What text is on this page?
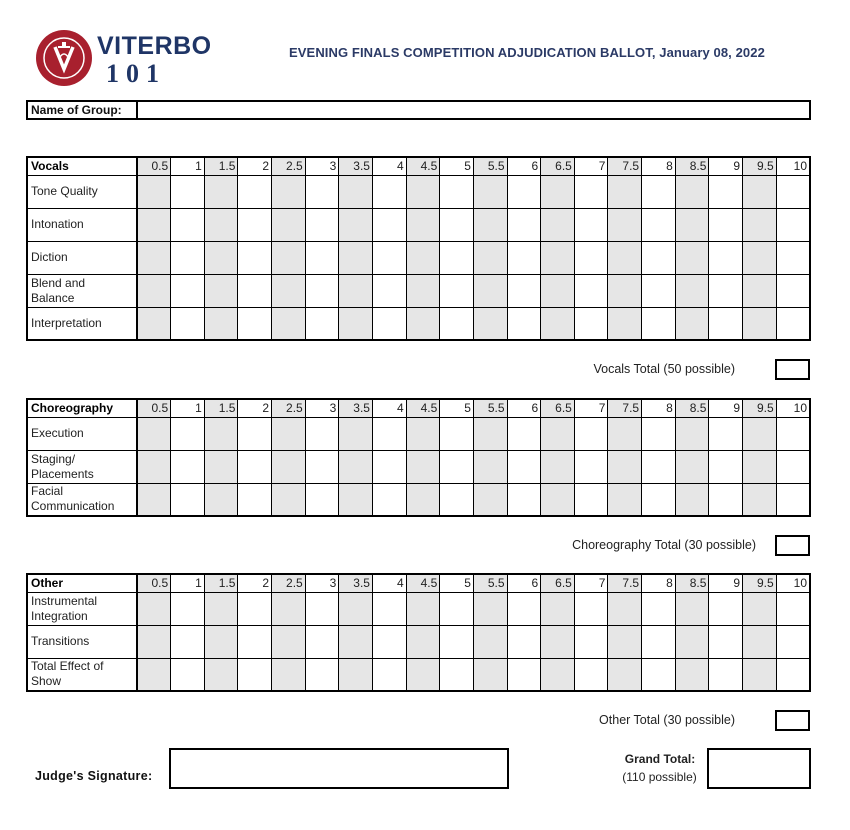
VITERBO
101
EVENING FINALS COMPETITION ADJUDICATION BALLOT, January 08, 2022
Name of Group:
Vocals	0.5	1	1.5	2	2.5	3	3.5	4	4.5	5	5.5	6	6.5	7	7.5	8	8.5	9	9.5	10

Tone Quality																				

Intonation																				

Diction																				

Blend and
Balance																				

Interpretation																				

Vocals Total (50 possible)
Choreography	0.5	1	1.5	2	2.5	3	3.5	4	4.5	5	5.5	6	6.5	7	7.5	8	8.5	9	9.5	10

Execution																				

Staging/
Placements																				

Facial
Communication																				

Choreography Total (30 possible)
Other	0.5	1	1.5	2	2.5	3	3.5	4	4.5	5	5.5	6	6.5	7	7.5	8	8.5	9	9.5	10

Instrumental
Integration																				

Transitions																				

Total Effect of
Show																				

Other Total (30 possible)
Judge's Signature:
Grand Total:
(110 possible)
